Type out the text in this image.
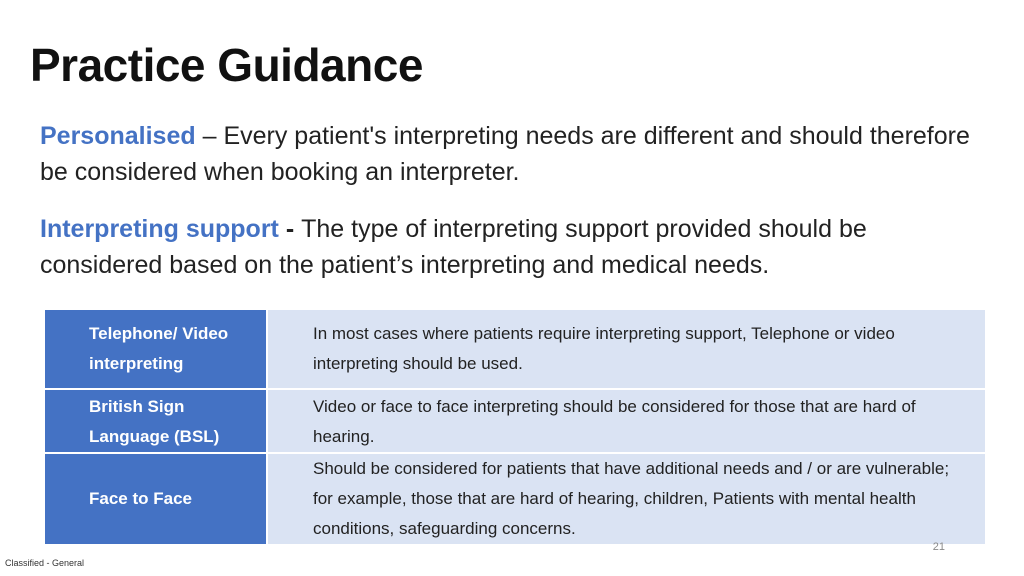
Practice Guidance
Personalised – Every patient's interpreting needs are different and should therefore be considered when booking an interpreter.
Interpreting support - The type of interpreting support provided should be considered based on the patient’s interpreting and medical needs.
Telephone/ Video interpreting	In most cases where patients require interpreting support, Telephone or video interpreting should be used.
British Sign Language (BSL)	Video or face to face interpreting should be considered for those that are hard of hearing.
Face to Face	Should be considered for patients that have additional needs and / or are vulnerable; for example, those that are hard of hearing, children, Patients with mental health conditions, safeguarding concerns.
21
Classified - General
